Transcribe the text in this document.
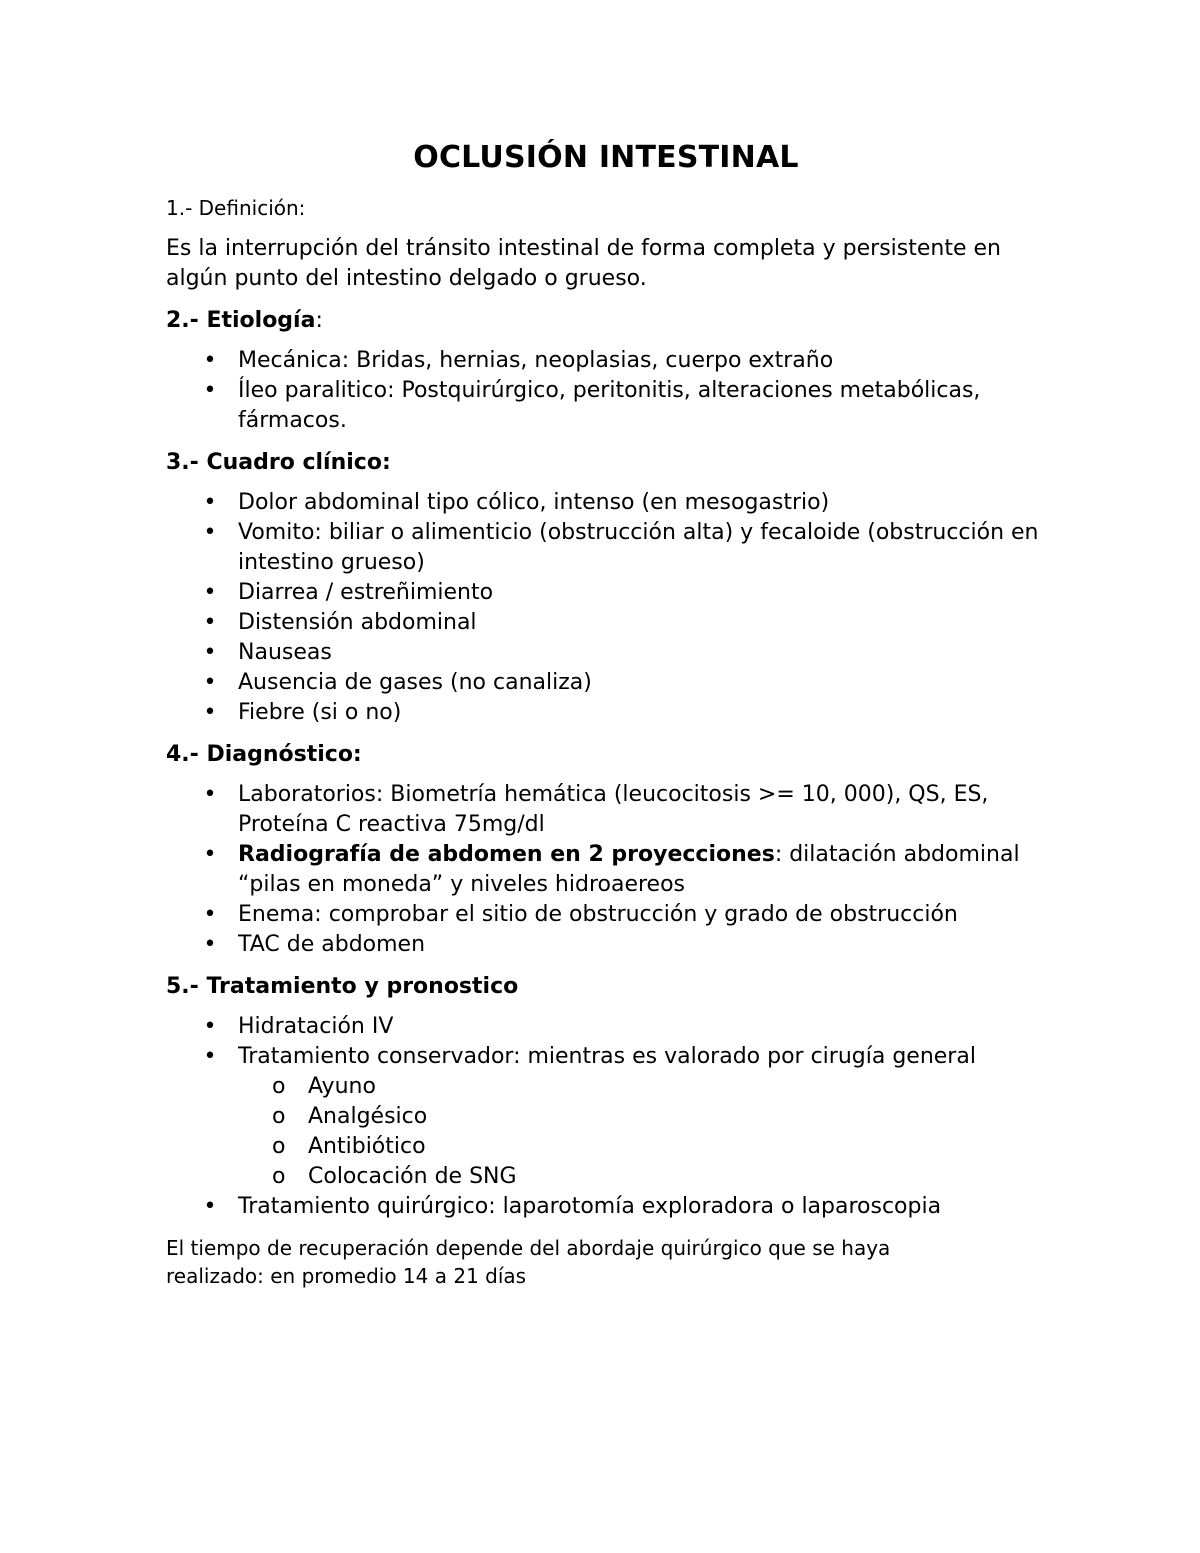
OCLUSIÓN INTESTINAL
1.- Definición:
Es la interrupción del tránsito intestinal de forma completa y persistente en algún punto del intestino delgado o grueso.
2.- Etiología:
• Mecánica: Bridas, hernias, neoplasias, cuerpo extraño
• Íleo paralitico: Postquirúrgico, peritonitis, alteraciones metabólicas, fármacos.
3.- Cuadro clínico:
• Dolor abdominal tipo cólico, intenso (en mesogastrio)
• Vomito: biliar o alimenticio (obstrucción alta) y fecaloide (obstrucción en intestino grueso)
• Diarrea / estreñimiento
• Distensión abdominal
• Nauseas
• Ausencia de gases (no canaliza)
• Fiebre (si o no)
4.- Diagnóstico:
• Laboratorios: Biometría hemática (leucocitosis >= 10, 000), QS, ES, Proteína C reactiva 75mg/dl
• Radiografía de abdomen en 2 proyecciones: dilatación abdominal “pilas en moneda” y niveles hidroaereos
• Enema: comprobar el sitio de obstrucción y grado de obstrucción
• TAC de abdomen
5.- Tratamiento y pronostico
• Hidratación IV
• Tratamiento conservador: mientras es valorado por cirugía general
o Ayuno
o Analgésico
o Antibiótico
o Colocación de SNG
• Tratamiento quirúrgico: laparotomía exploradora o laparoscopia
El tiempo de recuperación depende del abordaje quirúrgico que se haya realizado: en promedio 14 a 21 días
